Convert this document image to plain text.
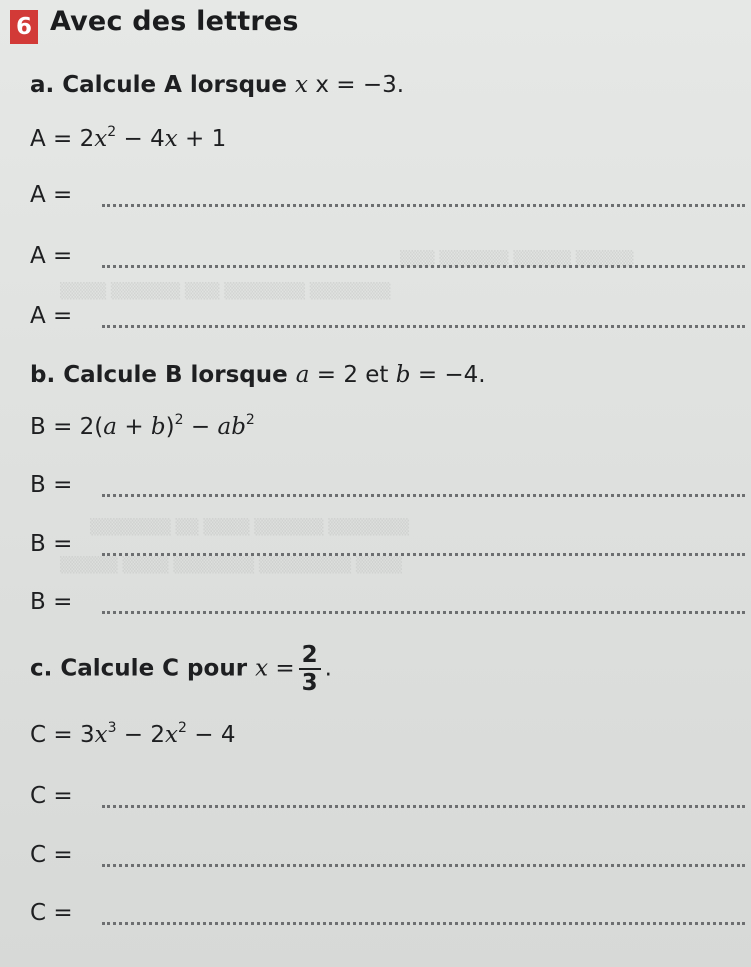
▒▒▒ ▒▒▒▒▒▒ ▒▒▒▒▒ ▒▒▒▒▒
▒▒▒▒ ▒▒▒▒▒▒ ▒▒▒ ▒▒▒▒▒▒▒ ▒▒▒▒▒▒▒
▒▒▒▒▒▒▒ ▒▒ ▒▒▒▒ ▒▒▒▒▒▒ ▒▒▒▒▒▒▒
▒▒▒▒▒ ▒▒▒▒ ▒▒▒▒▒▒▒ ▒▒▒▒▒▒▒▒ ▒▒▒▒
6 Avec des lettres
a. Calcule A lorsque x x = −3.
$A = 2x^2 - 4x + 1$
A =
A =
A =
b. Calcule B lorsque a = 2 et b = −4.
$B = 2(a + b)^2 - ab^2$
B =
B =
B =
c. Calcule C pour $x = \frac{2}{3}$ .
$C = 3x^3 - 2x^2 - 4$
C =
C =
C =
